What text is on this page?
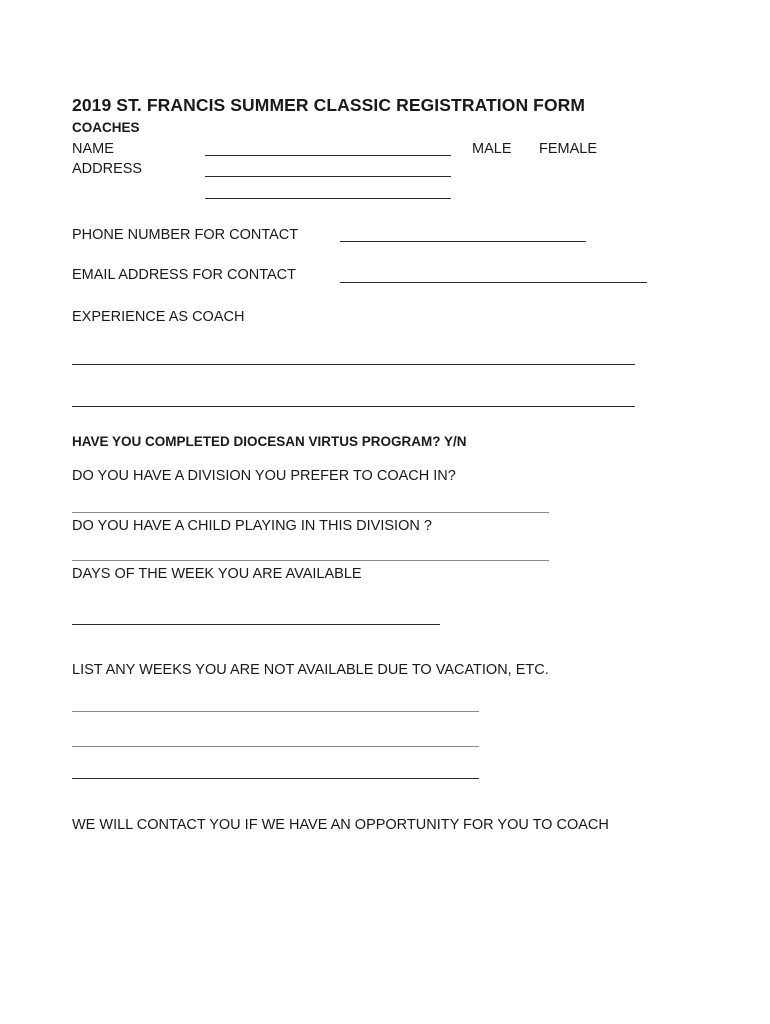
2019 ST. FRANCIS SUMMER CLASSIC REGISTRATION FORM
COACHES
NAME	MALE FEMALE
ADDRESS
PHONE NUMBER FOR CONTACT
EMAIL ADDRESS FOR CONTACT
EXPERIENCE AS COACH
HAVE YOU COMPLETED DIOCESAN VIRTUS PROGRAM? Y/N
DO YOU HAVE A DIVISION YOU PREFER TO COACH IN?
DO YOU HAVE A CHILD PLAYING IN THIS DIVISION ?
DAYS OF THE WEEK YOU ARE AVAILABLE
LIST ANY WEEKS YOU ARE NOT AVAILABLE DUE TO VACATION, ETC.
WE WILL CONTACT YOU IF WE HAVE AN OPPORTUNITY FOR YOU TO COACH
